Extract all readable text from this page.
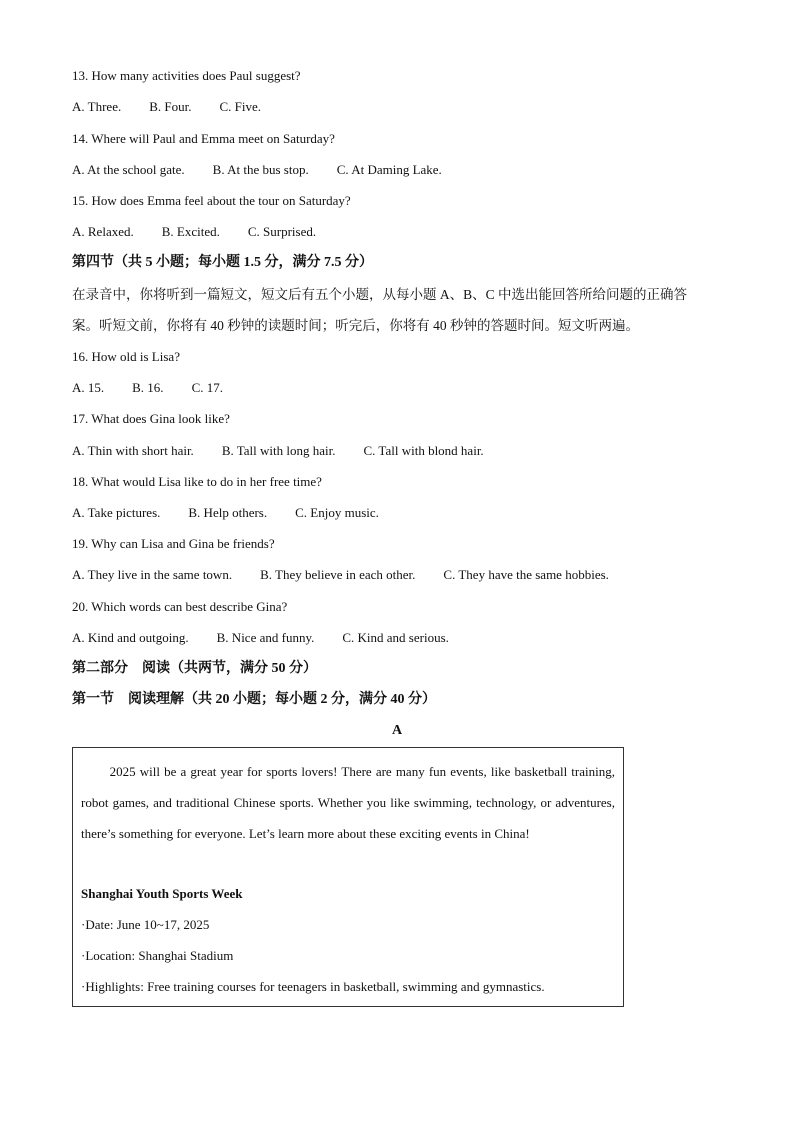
13. How many activities does Paul suggest?
A. Three. B. Four. C. Five.
14. Where will Paul and Emma meet on Saturday?
A. At the school gate. B. At the bus stop. C. At Daming Lake.
15. How does Emma feel about the tour on Saturday?
A. Relaxed. B. Excited. C. Surprised.
第四节（共 5 小题；每小题 1.5 分，满分 7.5 分）
在录音中，你将听到一篇短文，短文后有五个小题，从每小题 A、B、C 中选出能回答所给问题的正确答
案。听短文前，你将有 40 秒钟的读题时间；听完后，你将有 40 秒钟的答题时间。短文听两遍。
16. How old is Lisa?
A. 15. B. 16. C. 17.
17. What does Gina look like?
A. Thin with short hair. B. Tall with long hair. C. Tall with blond hair.
18. What would Lisa like to do in her free time?
A. Take pictures. B. Help others. C. Enjoy music.
19. Why can Lisa and Gina be friends?
A. They live in the same town. B. They believe in each other. C. They have the same hobbies.
20. Which words can best describe Gina?
A. Kind and outgoing. B. Nice and funny. C. Kind and serious.
第二部分　阅读（共两节，满分 50 分）
第一节　阅读理解（共 20 小题；每小题 2 分，满分 40 分）
A
2025 will be a great year for sports lovers! There are many fun events, like basketball training, robot games, and traditional Chinese sports. Whether you like swimming, technology, or adventures, there’s something for everyone. Let’s learn more about these exciting events in China!
Shanghai Youth Sports Week
·Date: June 10~17, 2025
·Location: Shanghai Stadium
·Highlights: Free training courses for teenagers in basketball, swimming and gymnastics.
